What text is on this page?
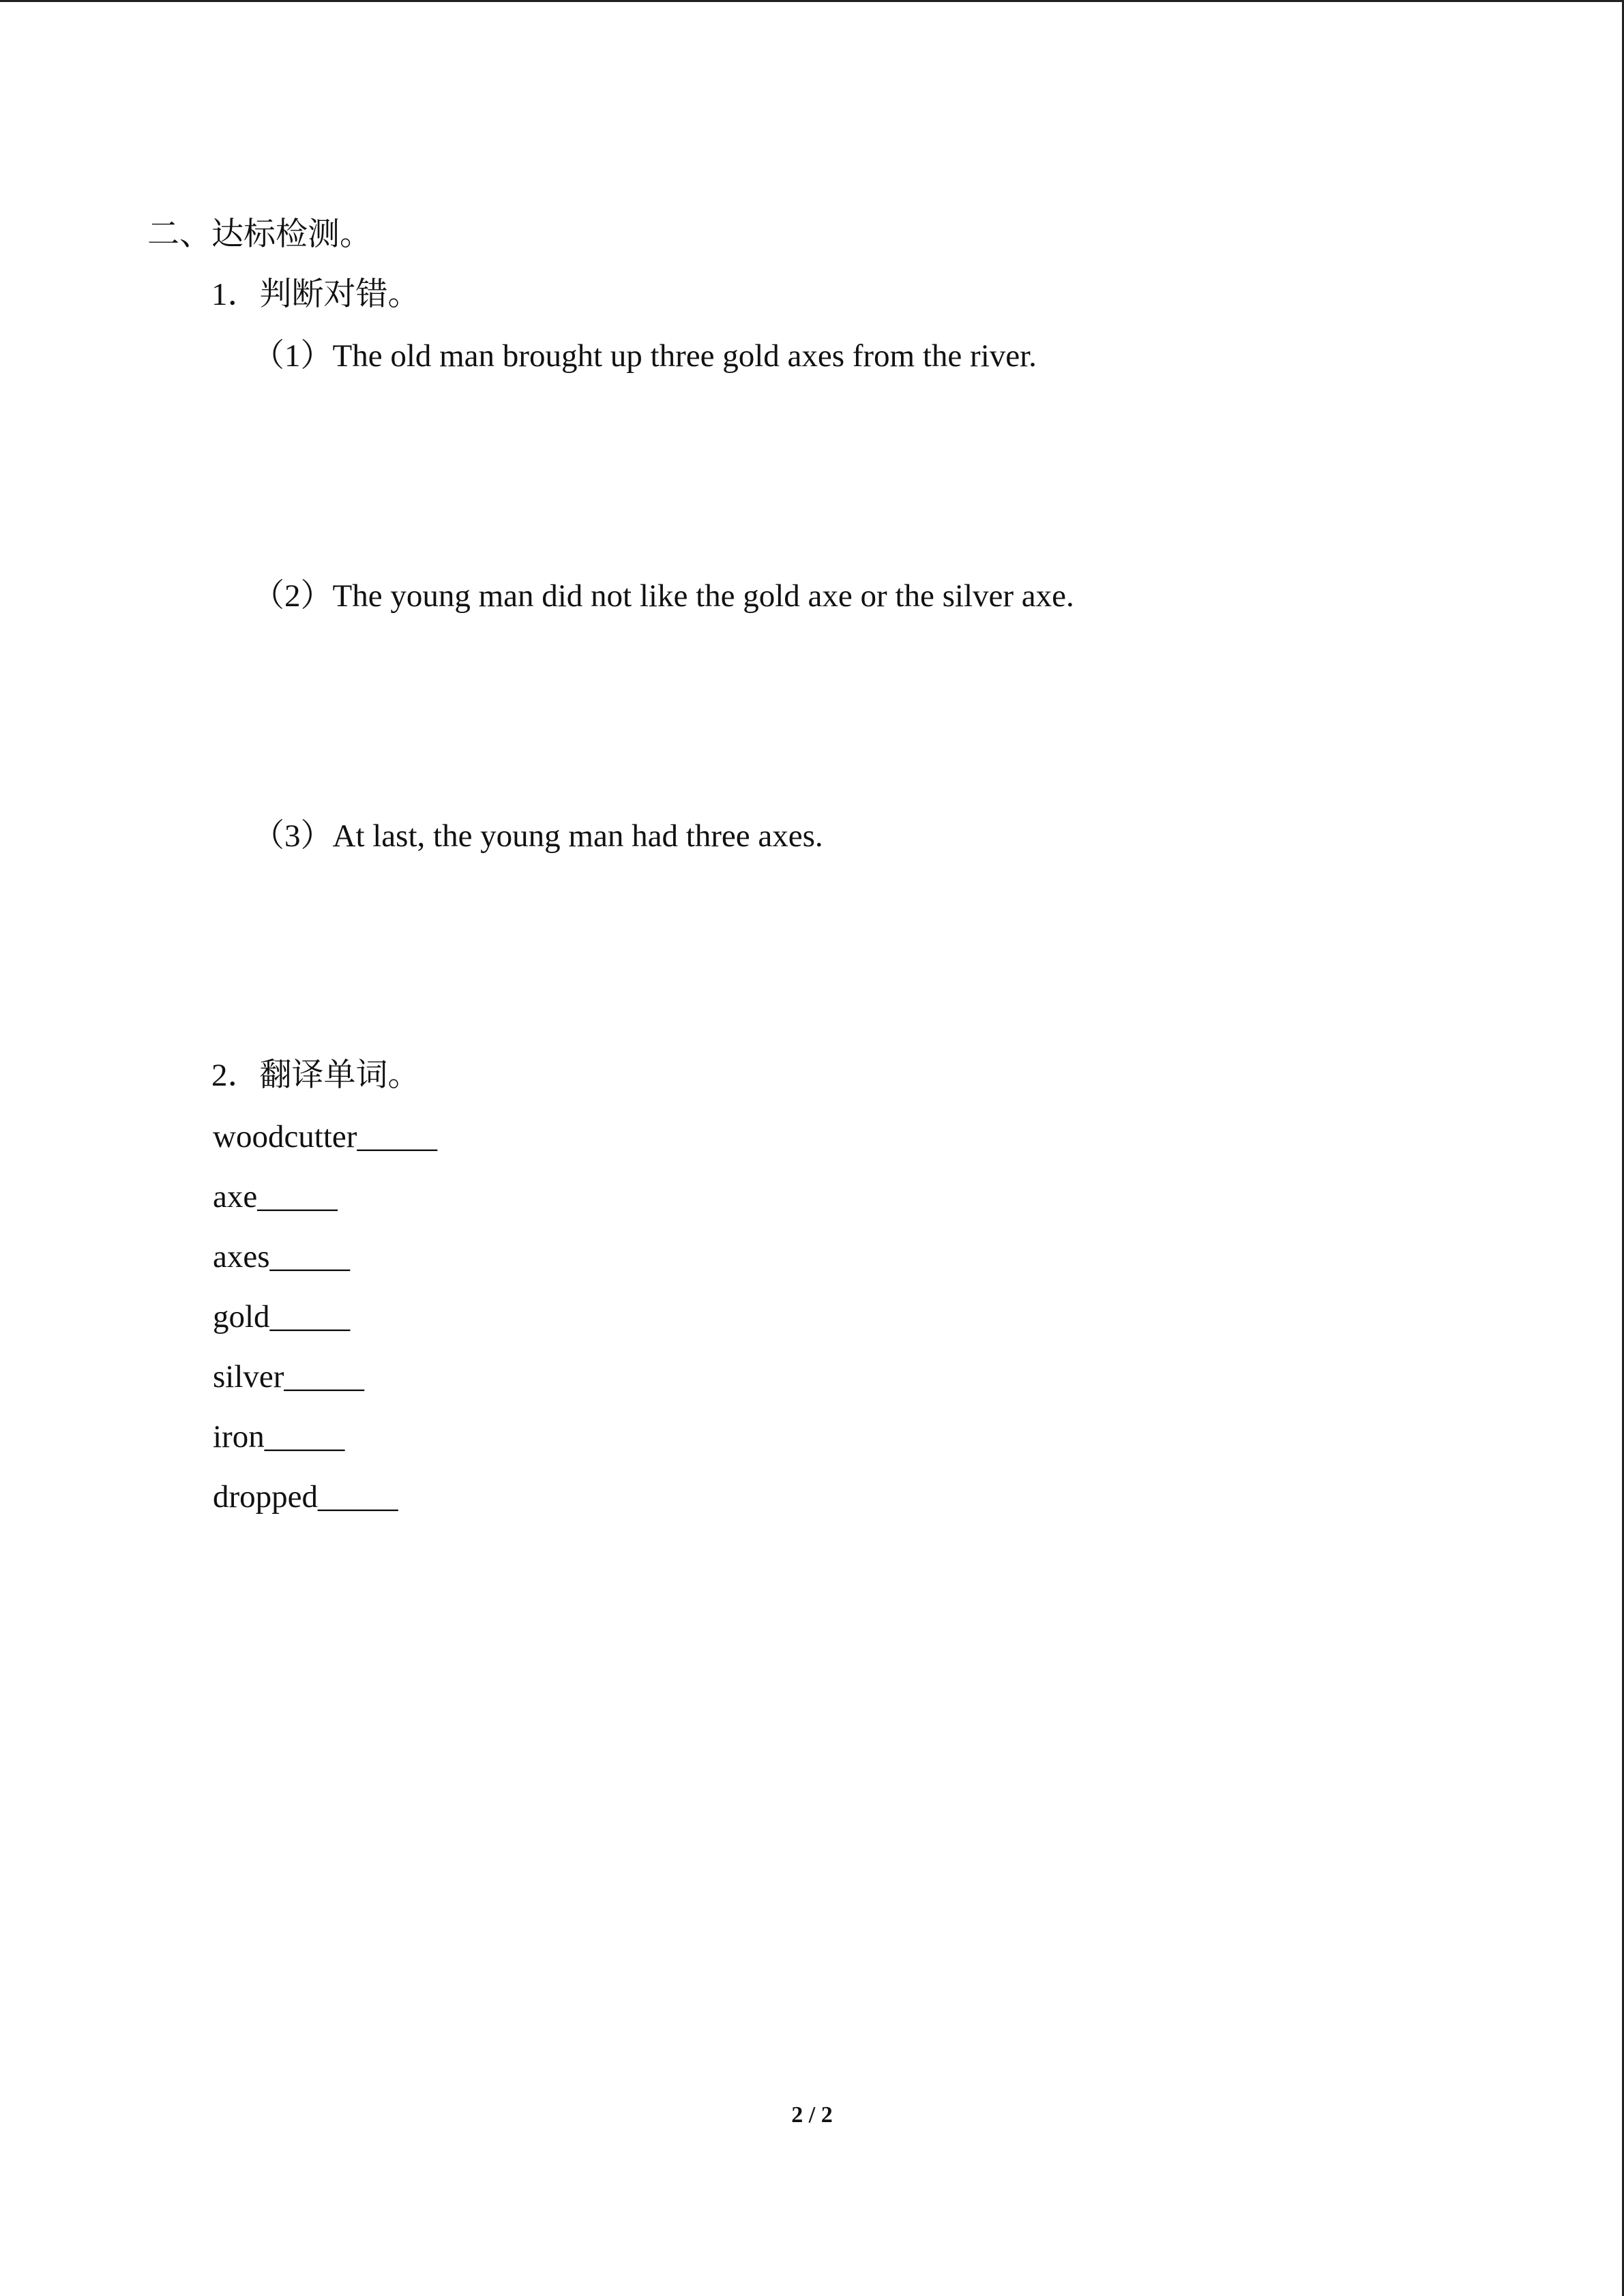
二、达标检测。
1．判断对错。
（1）The old man brought up three gold axes from the river.
（2）The young man did not like the gold axe or the silver axe.
（3）At last, the young man had three axes.
2．翻译单词。
woodcutter_____
axe_____
axes_____
gold_____
silver_____
iron_____
dropped_____
2 / 2
